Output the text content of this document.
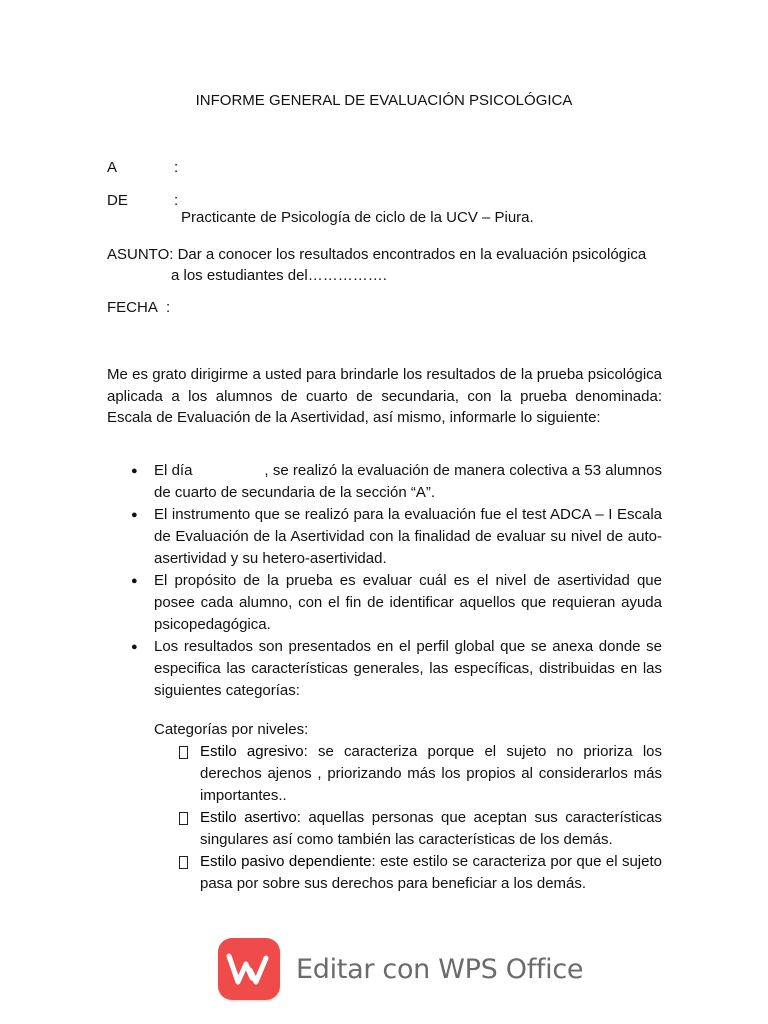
INFORME GENERAL DE EVALUACIÓN PSICOLÓGICA
A	:
DE	:
Practicante de Psicología de ciclo de la UCV – Piura.
ASUNTO: Dar a conocer los resultados encontrados en la evaluación psicológica
a los estudiantes del…………….
FECHA :
Me es grato dirigirme a usted para brindarle los resultados de la prueba psicológica aplicada a los alumnos de cuarto de secundaria, con la prueba denominada: Escala de Evaluación de la Asertividad, así mismo, informarle lo siguiente:
● El día                 , se realizó la evaluación de manera colectiva a 53 alumnos de cuarto de secundaria de la sección “A”.
● El instrumento que se realizó para la evaluación fue el test ADCA – I Escala de Evaluación de la Asertividad con la finalidad de evaluar su nivel de auto-asertividad y su hetero-asertividad.
● El propósito de la prueba es evaluar cuál es el nivel de asertividad que posee cada alumno, con el fin de identificar aquellos que requieran ayuda psicopedagógica.
● Los resultados son presentados en el perfil global que se anexa donde se especifica las características generales, las específicas, distribuidas en las siguientes categorías:
Categorías por niveles:
Estilo agresivo: se caracteriza porque el sujeto no prioriza los derechos ajenos , priorizando más los propios al considerarlos más importantes..
Estilo asertivo: aquellas personas que aceptan sus características singulares así como también las características de los demás.
Estilo pasivo dependiente: este estilo se caracteriza por que el sujeto pasa por sobre sus derechos para beneficiar a los demás.
Editar con WPS Office
